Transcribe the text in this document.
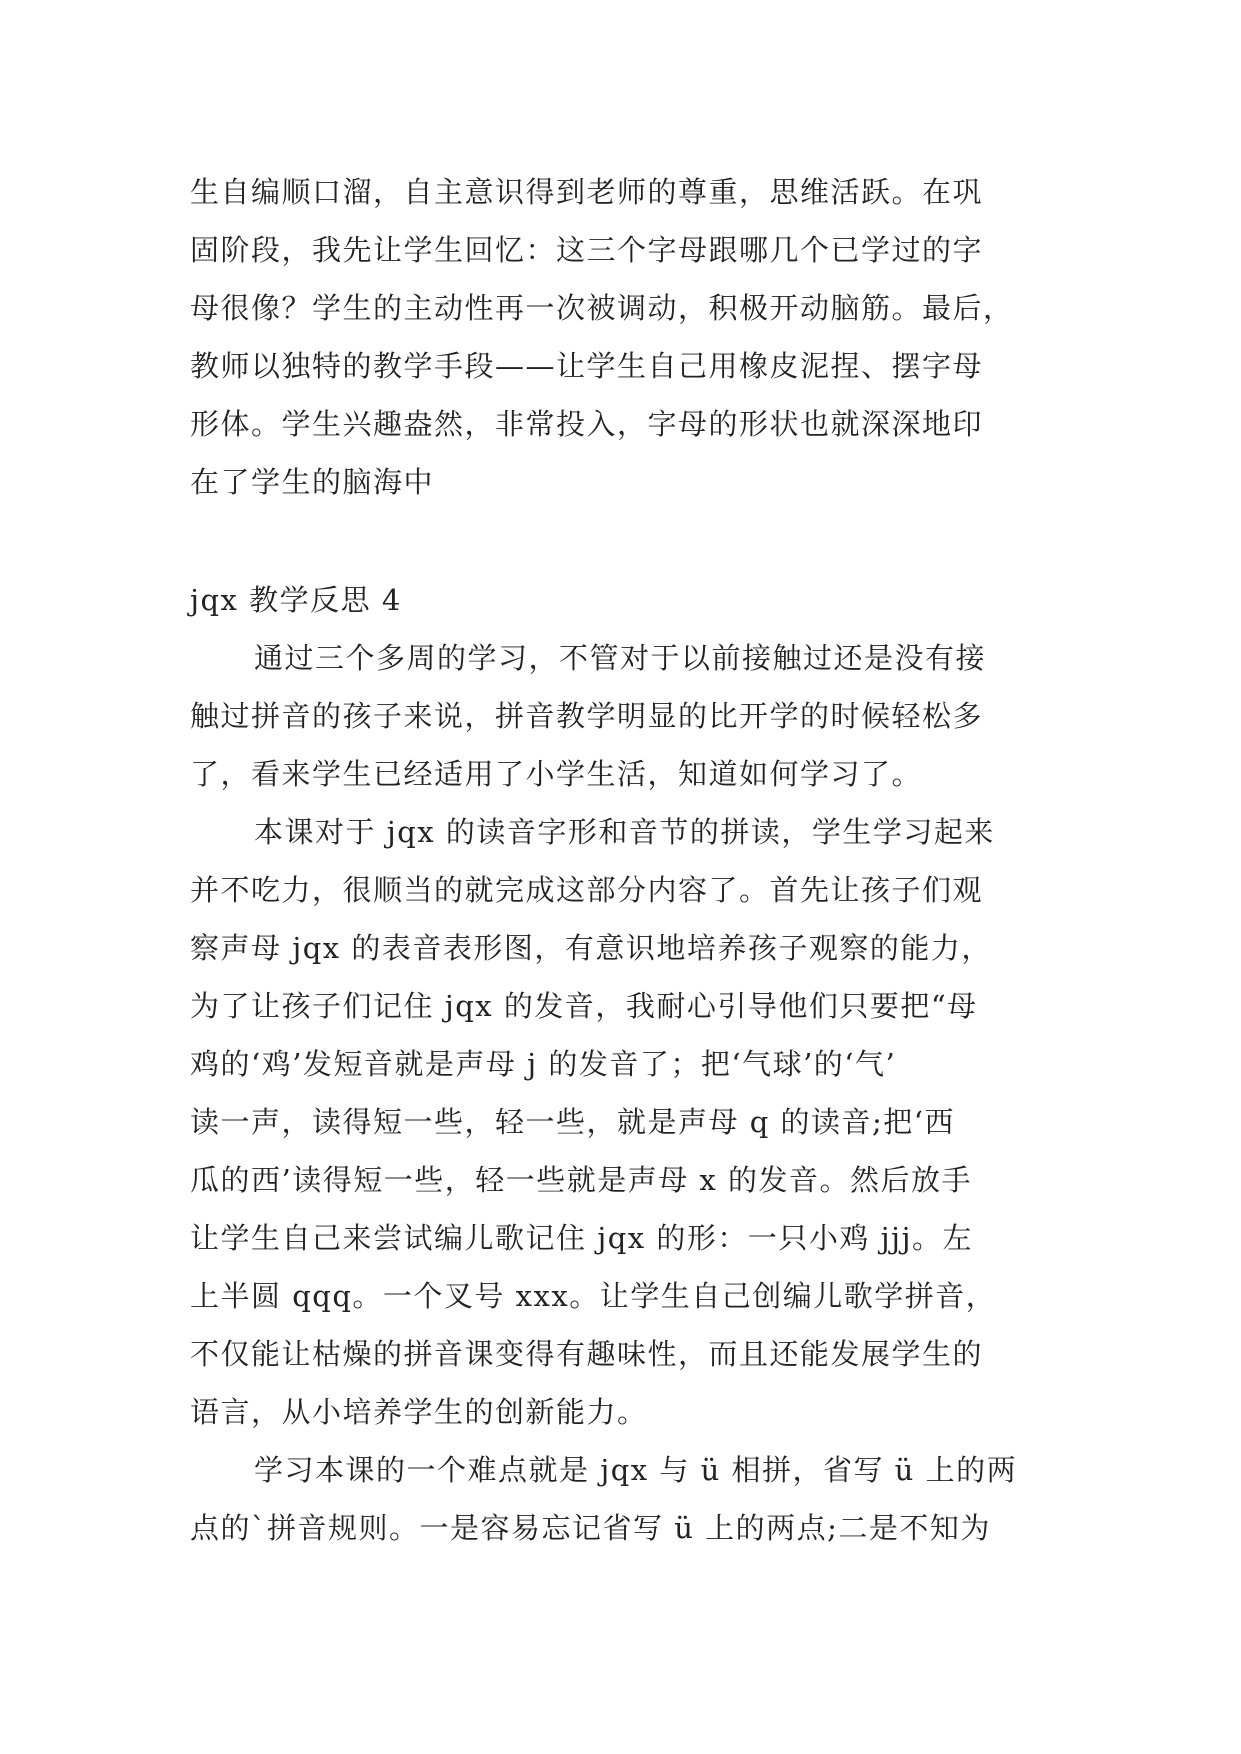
生自编顺口溜，自主意识得到老师的尊重，思维活跃。在巩
固阶段，我先让学生回忆：这三个字母跟哪几个已学过的字
母很像？学生的主动性再一次被调动，积极开动脑筋。最后，
教师以独特的教学手段——让学生自己用橡皮泥捏、摆字母
形体。学生兴趣盎然，非常投入，字母的形状也就深深地印
在了学生的脑海中
jqx 教学反思 4
通过三个多周的学习，不管对于以前接触过还是没有接
触过拼音的孩子来说，拼音教学明显的比开学的时候轻松多
了，看来学生已经适用了小学生活，知道如何学习了。
本课对于 jqx 的读音字形和音节的拼读，学生学习起来
并不吃力，很顺当的就完成这部分内容了。首先让孩子们观
察声母 jqx 的表音表形图，有意识地培养孩子观察的能力，
为了让孩子们记住 jqx 的发音，我耐心引导他们只要把“母
鸡的‘鸡’发短音就是声母 j 的发音了；把‘气球’的‘气’
读一声，读得短一些，轻一些，就是声母 q 的读音;把‘西
瓜的西’读得短一些，轻一些就是声母 x 的发音。然后放手
让学生自己来尝试编儿歌记住 jqx 的形：一只小鸡 jjj。左
上半圆 qqq。一个叉号 xxx。让学生自己创编儿歌学拼音，
不仅能让枯燥的拼音课变得有趣味性，而且还能发展学生的
语言，从小培养学生的创新能力。
学习本课的一个难点就是 jqx 与 ü 相拼，省写 ü 上的两
点的`拼音规则。一是容易忘记省写 ü 上的两点;二是不知为
